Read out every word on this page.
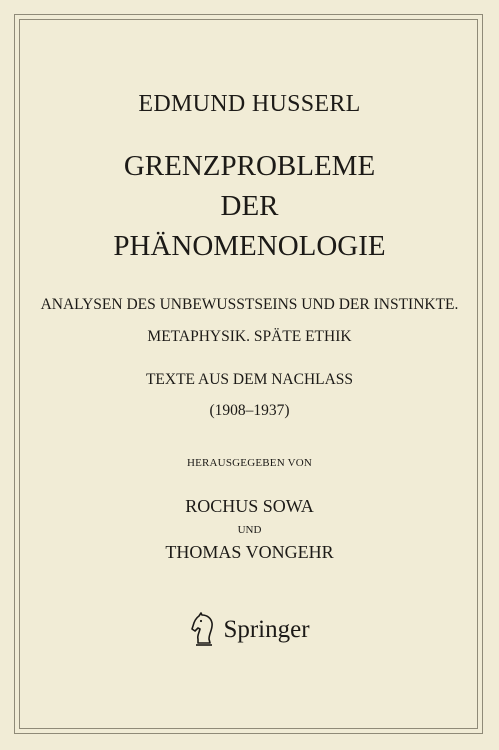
EDMUND HUSSERL
GRENZPROBLEME
DER
PHÄNOMENOLOGIE
ANALYSEN DES UNBEWUSSTSEINS UND DER INSTINKTE.
METAPHYSIK. SPÄTE ETHIK
TEXTE AUS DEM NACHLASS
(1908–1937)
HERAUSGEGEBEN VON
ROCHUS SOWA
UND
THOMAS VONGEHR
Springer
